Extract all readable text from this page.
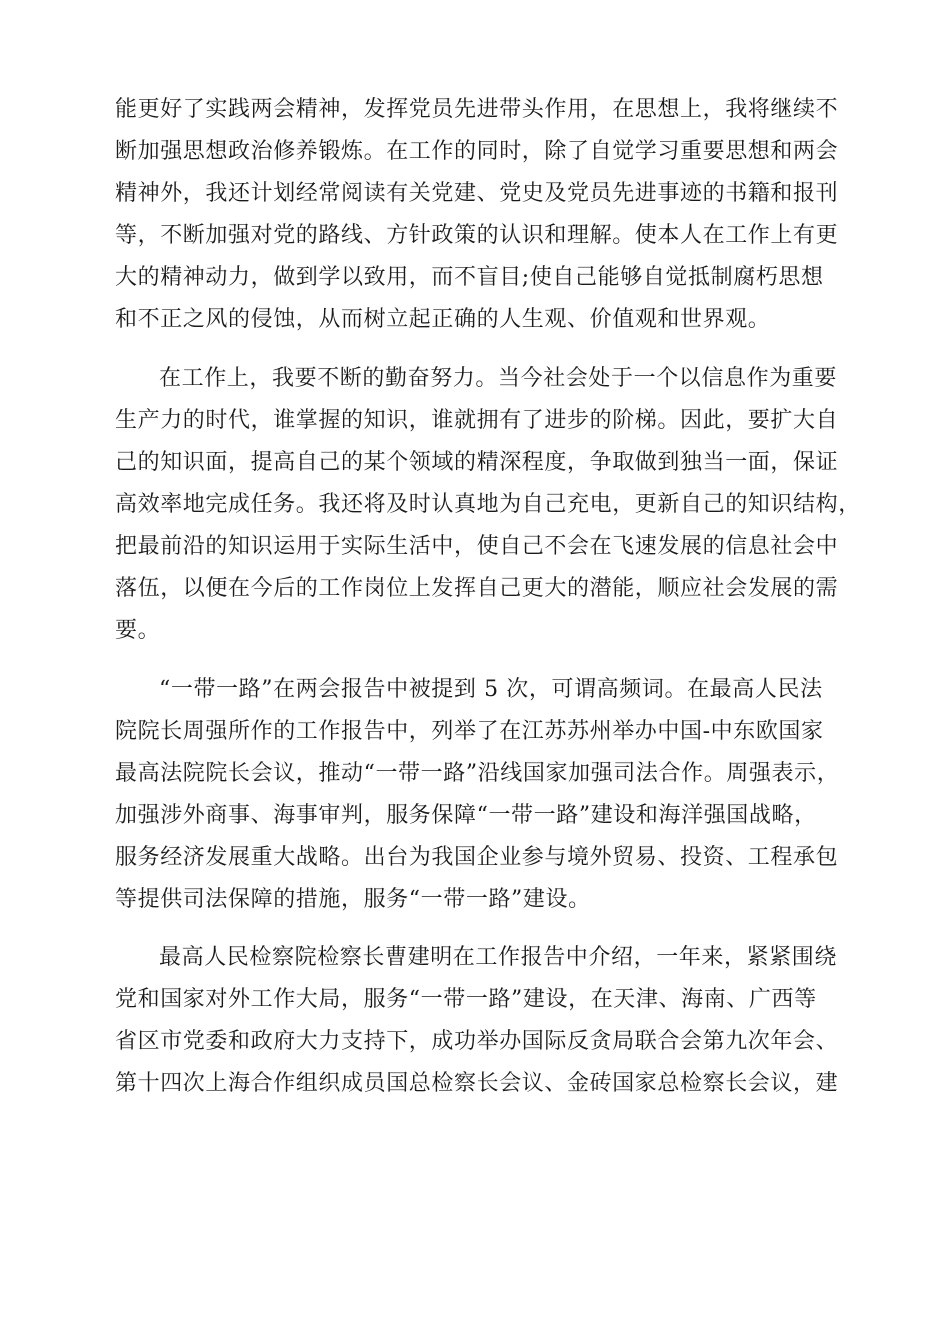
能更好了实践两会精神，发挥党员先进带头作用，在思想上，我将继续不
断加强思想政治修养锻炼。在工作的同时，除了自觉学习重要思想和两会
精神外，我还计划经常阅读有关党建、党史及党员先进事迹的书籍和报刊
等，不断加强对党的路线、方针政策的认识和理解。使本人在工作上有更
大的精神动力，做到学以致用，而不盲目;使自己能够自觉抵制腐朽思想
和不正之风的侵蚀，从而树立起正确的人生观、价值观和世界观。
在工作上，我要不断的勤奋努力。当今社会处于一个以信息作为重要
生产力的时代，谁掌握的知识，谁就拥有了进步的阶梯。因此，要扩大自
己的知识面，提高自己的某个领域的精深程度，争取做到独当一面，保证
高效率地完成任务。我还将及时认真地为自己充电，更新自己的知识结构，
把最前沿的知识运用于实际生活中，使自己不会在飞速发展的信息社会中
落伍，以便在今后的工作岗位上发挥自己更大的潜能，顺应社会发展的需
要。
“一带一路”在两会报告中被提到 5 次，可谓高频词。在最高人民法
院院长周强所作的工作报告中，列举了在江苏苏州举办中国-中东欧国家
最高法院院长会议，推动“一带一路”沿线国家加强司法合作。周强表示，
加强涉外商事、海事审判，服务保障“一带一路”建设和海洋强国战略，
服务经济发展重大战略。出台为我国企业参与境外贸易、投资、工程承包
等提供司法保障的措施，服务“一带一路”建设。
最高人民检察院检察长曹建明在工作报告中介绍，一年来，紧紧围绕
党和国家对外工作大局，服务“一带一路”建设，在天津、海南、广西等
省区市党委和政府大力支持下，成功举办国际反贪局联合会第九次年会、
第十四次上海合作组织成员国总检察长会议、金砖国家总检察长会议，建
